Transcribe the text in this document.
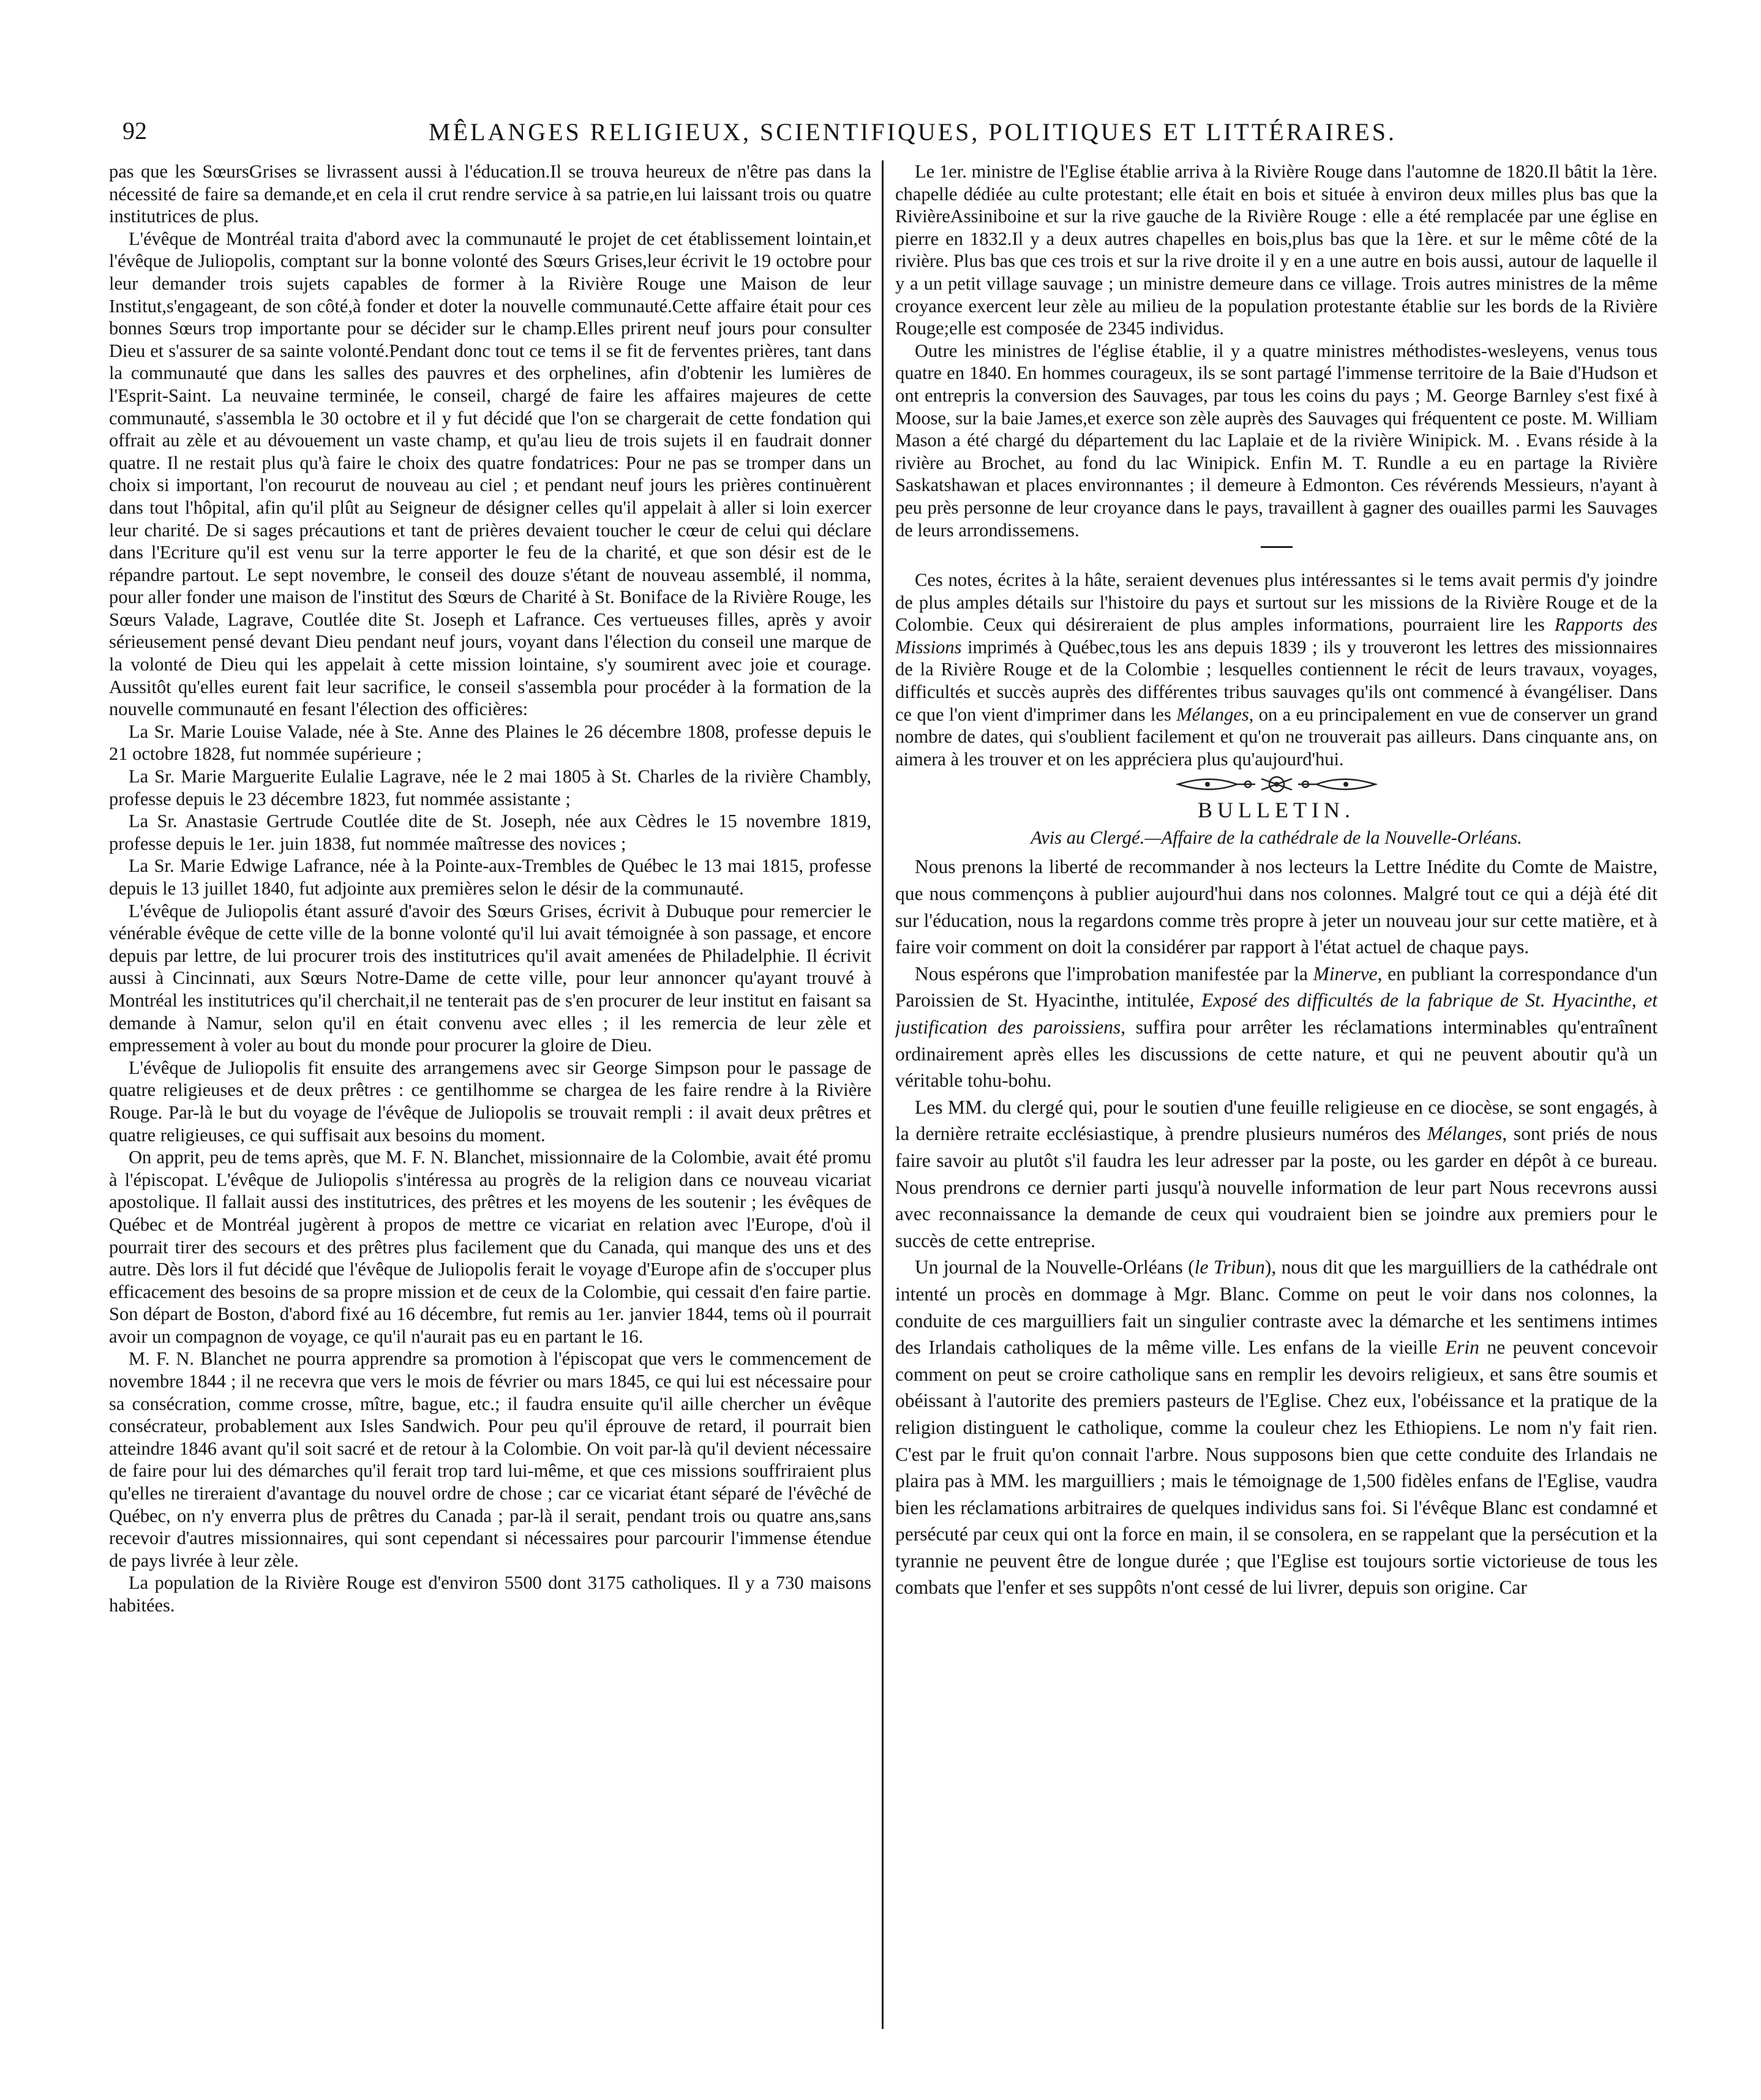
92	MÊLANGES RELIGIEUX, SCIENTIFIQUES, POLITIQUES ET LITTÉRAIRES.

pas que les SœursGrises se livrassent aussi à l'éducation.Il se trouva heureux de n'être pas dans la nécessité de faire sa demande,et en cela il crut rendre service à sa patrie,en lui laissant trois ou quatre institutrices de plus.

L'évêque de Montréal traita d'abord avec la communauté le projet de cet établissement lointain,et l'évêque de Juliopolis, comptant sur la bonne volonté des Sœurs Grises,leur écrivit le 19 octobre pour leur demander trois sujets capables de former à la Rivière Rouge une Maison de leur Institut,s'engageant, de son côté,à fonder et doter la nouvelle communauté.Cette affaire était pour ces bonnes Sœurs trop importante pour se décider sur le champ.Elles prirent neuf jours pour consulter Dieu et s'assurer de sa sainte volonté.Pendant donc tout ce tems il se fit de ferventes prières, tant dans la communauté que dans les salles des pauvres et des orphelines, afin d'obtenir les lumières de l'Esprit-Saint. La neuvaine terminée, le conseil, chargé de faire les affaires majeures de cette communauté, s'assembla le 30 octobre et il y fut décidé que l'on se chargerait de cette fondation qui offrait au zèle et au dévouement un vaste champ, et qu'au lieu de trois sujets il en faudrait donner quatre. Il ne restait plus qu'à faire le choix des quatre fondatrices: Pour ne pas se tromper dans un choix si important, l'on recourut de nouveau au ciel ; et pendant neuf jours les prières continuèrent dans tout l'hôpital, afin qu'il plût au Seigneur de désigner celles qu'il appelait à aller si loin exercer leur charité. De si sages précautions et tant de prières devaient toucher le cœur de celui qui déclare dans l'Ecriture qu'il est venu sur la terre apporter le feu de la charité, et que son désir est de le répandre partout. Le sept novembre, le conseil des douze s'étant de nouveau assemblé, il nomma, pour aller fonder une maison de l'institut des Sœurs de Charité à St. Boniface de la Rivière Rouge, les Sœurs Valade, Lagrave, Coutlée dite St. Joseph et Lafrance. Ces vertueuses filles, après y avoir sérieusement pensé devant Dieu pendant neuf jours, voyant dans l'élection du conseil une marque de la volonté de Dieu qui les appelait à cette mission lointaine, s'y soumirent avec joie et courage. Aussitôt qu'elles eurent fait leur sacrifice, le conseil s'assembla pour procéder à la formation de la nouvelle communauté en fesant l'élection des officières:

La Sr. Marie Louise Valade, née à Ste. Anne des Plaines le 26 décembre 1808, professe depuis le 21 octobre 1828, fut nommée supérieure ;

La Sr. Marie Marguerite Eulalie Lagrave, née le 2 mai 1805 à St. Charles de la rivière Chambly, professe depuis le 23 décembre 1823, fut nommée assistante ;

La Sr. Anastasie Gertrude Coutlée dite de St. Joseph, née aux Cèdres le 15 novembre 1819, professe depuis le 1er. juin 1838, fut nommée maîtresse des novices ;

La Sr. Marie Edwige Lafrance, née à la Pointe-aux-Trembles de Québec le 13 mai 1815, professe depuis le 13 juillet 1840, fut adjointe aux premières selon le désir de la communauté.

L'évêque de Juliopolis étant assuré d'avoir des Sœurs Grises, écrivit à Dubuque pour remercier le vénérable évêque de cette ville de la bonne volonté qu'il lui avait témoignée à son passage, et encore depuis par lettre, de lui procurer trois des institutrices qu'il avait amenées de Philadelphie. Il écrivit aussi à Cincinnati, aux Sœurs Notre-Dame de cette ville, pour leur annoncer qu'ayant trouvé à Montréal les institutrices qu'il cherchait,il ne tenterait pas de s'en procurer de leur institut en faisant sa demande à Namur, selon qu'il en était convenu avec elles ; il les remercia de leur zèle et empressement à voler au bout du monde pour procurer la gloire de Dieu.

L'évêque de Juliopolis fit ensuite des arrangemens avec sir George Simpson pour le passage de quatre religieuses et de deux prêtres : ce gentilhomme se chargea de les faire rendre à la Rivière Rouge. Par-là le but du voyage de l'évêque de Juliopolis se trouvait rempli : il avait deux prêtres et quatre religieuses, ce qui suffisait aux besoins du moment.

On apprit, peu de tems après, que M. F. N. Blanchet, missionnaire de la Colombie, avait été promu à l'épiscopat. L'évêque de Juliopolis s'intéressa au progrès de la religion dans ce nouveau vicariat apostolique. Il fallait aussi des institutrices, des prêtres et les moyens de les soutenir ; les évêques de Québec et de Montréal jugèrent à propos de mettre ce vicariat en relation avec l'Europe, d'où il pourrait tirer des secours et des prêtres plus facilement que du Canada, qui manque des uns et des autre. Dès lors il fut décidé que l'évêque de Juliopolis ferait le voyage d'Europe afin de s'occuper plus efficacement des besoins de sa propre mission et de ceux de la Colombie, qui cessait d'en faire partie. Son départ de Boston, d'abord fixé au 16 décembre, fut remis au 1er. janvier 1844, tems où il pourrait avoir un compagnon de voyage, ce qu'il n'aurait pas eu en partant le 16.

M. F. N. Blanchet ne pourra apprendre sa promotion à l'épiscopat que vers le commencement de novembre 1844 ; il ne recevra que vers le mois de février ou mars 1845, ce qui lui est nécessaire pour sa consécration, comme crosse, mître, bague, etc.; il faudra ensuite qu'il aille chercher un évêque consécrateur, probablement aux Isles Sandwich. Pour peu qu'il éprouve de retard, il pourrait bien atteindre 1846 avant qu'il soit sacré et de retour à la Colombie. On voit par-là qu'il devient nécessaire de faire pour lui des démarches qu'il ferait trop tard lui-même, et que ces missions souffriraient plus qu'elles ne tireraient d'avantage du nouvel ordre de chose ; car ce vicariat étant séparé de l'évêché de Québec, on n'y enverra plus de prêtres du Canada ; par-là il serait, pendant trois ou quatre ans,sans recevoir d'autres missionnaires, qui sont cependant si nécessaires pour parcourir l'immense étendue de pays livrée à leur zèle.

La population de la Rivière Rouge est d'environ 5500 dont 3175 catholiques. Il y a 730 maisons habitées.

Le 1er. ministre de l'Eglise établie arriva à la Rivière Rouge dans l'automne de 1820.Il bâtit la 1ère. chapelle dédiée au culte protestant; elle était en bois et située à environ deux milles plus bas que la RivièreAssiniboine et sur la rive gauche de la Rivière Rouge : elle a été remplacée par une église en pierre en 1832.Il y a deux autres chapelles en bois,plus bas que la 1ère. et sur le même côté de la rivière. Plus bas que ces trois et sur la rive droite il y en a une autre en bois aussi, autour de laquelle il y a un petit village sauvage ; un ministre demeure dans ce village. Trois autres ministres de la même croyance exercent leur zèle au milieu de la population protestante établie sur les bords de la Rivière Rouge;elle est composée de 2345 individus.

Outre les ministres de l'église établie, il y a quatre ministres méthodistes-wesleyens, venus tous quatre en 1840. En hommes courageux, ils se sont partagé l'immense territoire de la Baie d'Hudson et ont entrepris la conversion des Sauvages, par tous les coins du pays ; M. George Barnley s'est fixé à Moose, sur la baie James,et exerce son zèle auprès des Sauvages qui fréquentent ce poste. M. William Mason a été chargé du département du lac Laplaie et de la rivière Winipick. M. . Evans réside à la rivière au Brochet, au fond du lac Winipick. Enfin M. T. Rundle a eu en partage la Rivière Saskatshawan et places environnantes ; il demeure à Edmonton. Ces révérends Messieurs, n'ayant à peu près personne de leur croyance dans le pays, travaillent à gagner des ouailles parmi les Sauvages de leurs arrondissemens.

Ces notes, écrites à la hâte, seraient devenues plus intéressantes si le tems avait permis d'y joindre de plus amples détails sur l'histoire du pays et surtout sur les missions de la Rivière Rouge et de la Colombie. Ceux qui désireraient de plus amples informations, pourraient lire les Rapports des Missions imprimés à Québec,tous les ans depuis 1839 ; ils y trouveront les lettres des missionnaires de la Rivière Rouge et de la Colombie ; lesquelles contiennent le récit de leurs travaux, voyages, difficultés et succès auprès des différentes tribus sauvages qu'ils ont commencé à évangéliser. Dans ce que l'on vient d'imprimer dans les Mélanges, on a eu principalement en vue de conserver un grand nombre de dates, qui s'oublient facilement et qu'on ne trouverait pas ailleurs. Dans cinquante ans, on aimera à les trouver et on les appréciera plus qu'aujourd'hui.

BULLETIN.
Avis au Clergé.—Affaire de la cathédrale de la Nouvelle-Orléans.

Nous prenons la liberté de recommander à nos lecteurs la Lettre Inédite du Comte de Maistre, que nous commençons à publier aujourd'hui dans nos colonnes. Malgré tout ce qui a déjà été dit sur l'éducation, nous la regardons comme très propre à jeter un nouveau jour sur cette matière, et à faire voir comment on doit la considérer par rapport à l'état actuel de chaque pays.

Nous espérons que l'improbation manifestée par la Minerve, en publiant la correspondance d'un Paroissien de St. Hyacinthe, intitulée, Exposé des difficultés de la fabrique de St. Hyacinthe, et justification des paroissiens, suffira pour arrêter les réclamations interminables qu'entraînent ordinairement après elles les discussions de cette nature, et qui ne peuvent aboutir qu'à un véritable tohu-bohu.

Les MM. du clergé qui, pour le soutien d'une feuille religieuse en ce diocèse, se sont engagés, à la dernière retraite ecclésiastique, à prendre plusieurs numéros des Mélanges, sont priés de nous faire savoir au plutôt s'il faudra les leur adresser par la poste, ou les garder en dépôt à ce bureau. Nous prendrons ce dernier parti jusqu'à nouvelle information de leur part Nous recevrons aussi avec reconnaissance la demande de ceux qui voudraient bien se joindre aux premiers pour le succès de cette entreprise.

Un journal de la Nouvelle-Orléans (le Tribun), nous dit que les marguilliers de la cathédrale ont intenté un procès en dommage à Mgr. Blanc. Comme on peut le voir dans nos colonnes, la conduite de ces marguilliers fait un singulier contraste avec la démarche et les sentimens intimes des Irlandais catholiques de la même ville. Les enfans de la vieille Erin ne peuvent concevoir comment on peut se croire catholique sans en remplir les devoirs religieux, et sans être soumis et obéissant à l'autorite des premiers pasteurs de l'Eglise. Chez eux, l'obéissance et la pratique de la religion distinguent le catholique, comme la couleur chez les Ethiopiens. Le nom n'y fait rien. C'est par le fruit qu'on connait l'arbre. Nous supposons bien que cette conduite des Irlandais ne plaira pas à MM. les marguilliers ; mais le témoignage de 1,500 fidèles enfans de l'Eglise, vaudra bien les réclamations arbitraires de quelques individus sans foi. Si l'évêque Blanc est condamné et persécuté par ceux qui ont la force en main, il se consolera, en se rappelant que la persécution et la tyrannie ne peuvent être de longue durée ; que l'Eglise est toujours sortie victorieuse de tous les combats que l'enfer et ses suppôts n'ont cessé de lui livrer, depuis son origine. Car
